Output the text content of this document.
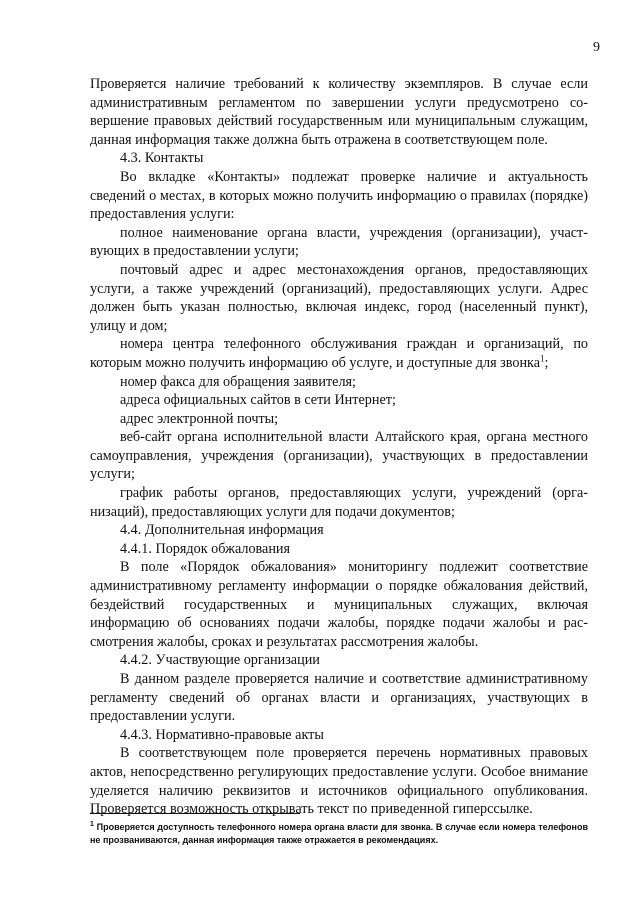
9

Проверяется наличие требований к количеству экземпляров. В случае если административным регламентом по завершении услуги предусмотрено совершение правовых действий государственным или муниципальным служащим, данная информация также должна быть отражена в соответствующем поле.

4.3. Контакты

Во вкладке «Контакты» подлежат проверке наличие и актуальность сведений о местах, в которых можно получить информацию о правилах (порядке) предоставления услуги:

полное наименование органа власти, учреждения (организации), участвующих в предоставлении услуги;

почтовый адрес и адрес местонахождения органов, предоставляющих услуги, а также учреждений (организаций), предоставляющих услуги. Адрес должен быть указан полностью, включая индекс, город (населенный пункт), улицу и дом;

номера центра телефонного обслуживания граждан и организаций, по которым можно получить информацию об услуге, и доступные для звонка$^1$;

номер факса для обращения заявителя;

адреса официальных сайтов в сети Интернет;

адрес электронной почты;

веб-сайт органа исполнительной власти Алтайского края, органа местного самоуправления, учреждения (организации), участвующих в предоставлении услуги;

график работы органов, предоставляющих услуги, учреждений (организаций), предоставляющих услуги для подачи документов;

4.4. Дополнительная информация

4.4.1. Порядок обжалования

В поле «Порядок обжалования» мониторингу подлежит соответствие административному регламенту информации о порядке обжалования действий, бездействий государственных и муниципальных служащих, включая информацию об основаниях подачи жалобы, порядке подачи жалобы и рассмотрения жалобы, сроках и результатах рассмотрения жалобы.

4.4.2. Участвующие организации

В данном разделе проверяется наличие и соответствие административному регламенту сведений об органах власти и организациях, участвующих в предоставлении услуги.

4.4.3. Нормативно-правовые акты

В соответствующем поле проверяется перечень нормативных правовых актов, непосредственно регулирующих предоставление услуги. Особое внимание уделяется наличию реквизитов и источников официального опубликования. Проверяется возможность открывать текст по приведенной гиперссылке.

$^1$ Проверяется доступность телефонного номера органа власти для звонка. В случае если номера телефонов не прозваниваются, данная информация также отражается в рекомендациях.
